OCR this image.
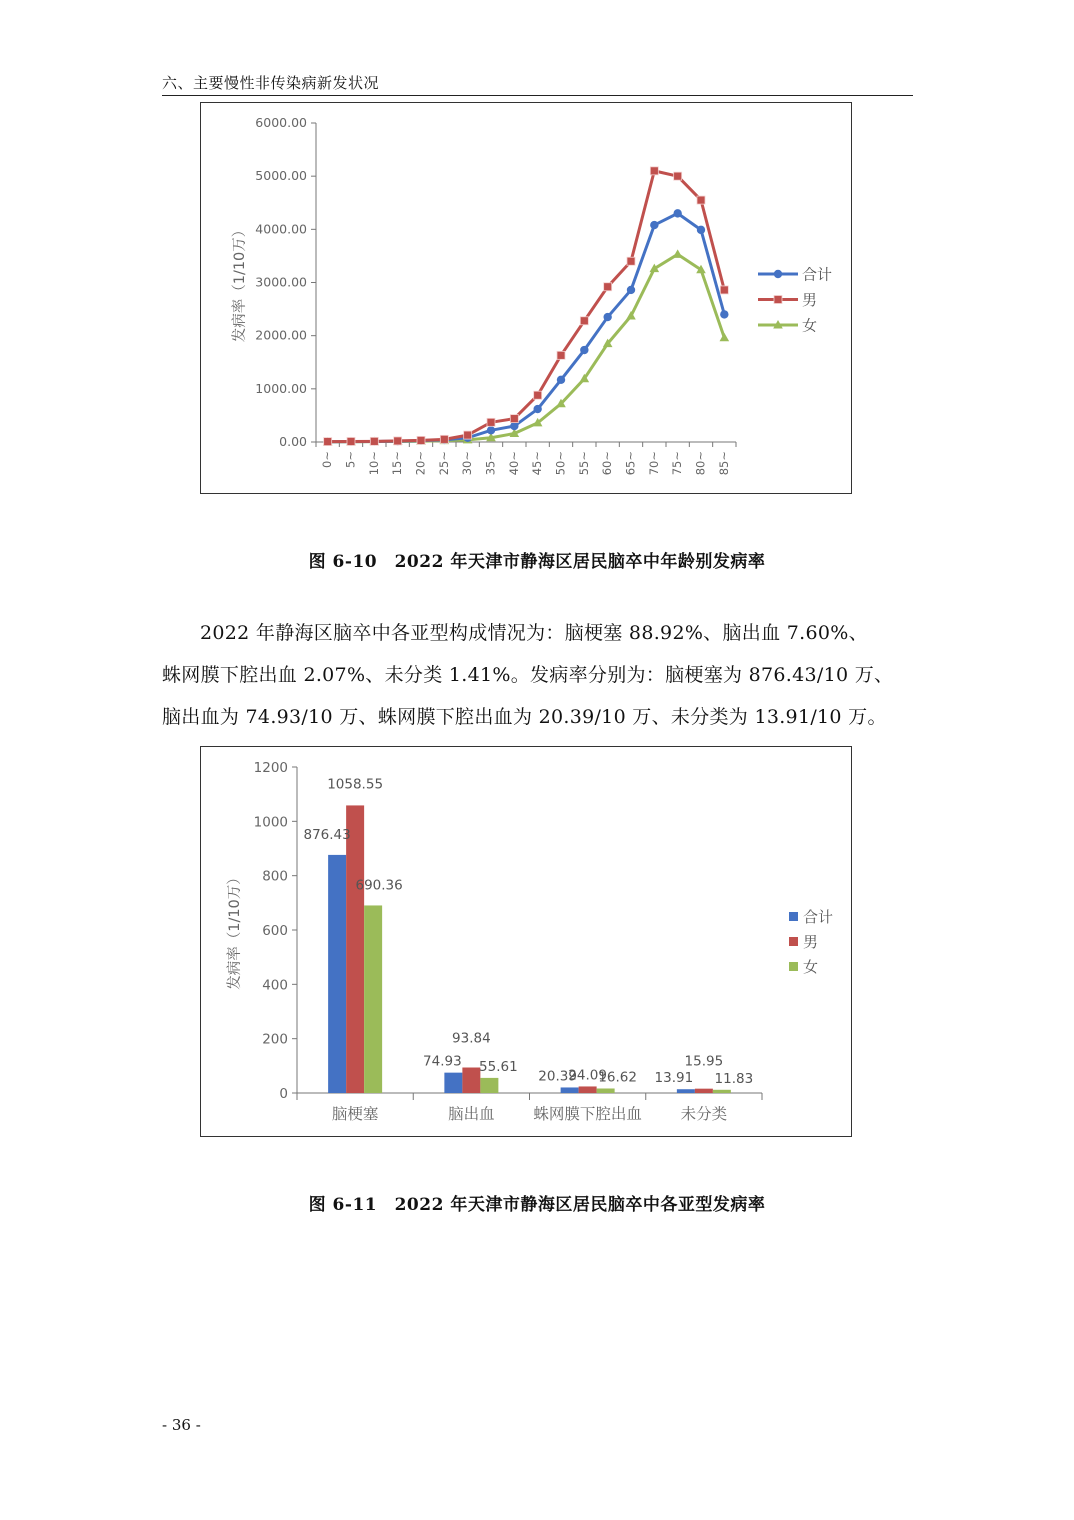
六、主要慢性非传染病新发状况
0.00
1000.00
2000.00
3000.00
4000.00
5000.00
6000.00
0~ 5~ 10~ 15~ 20~ 25~ 30~ 35~ 40~ 45~ 50~ 55~ 60~ 65~ 70~ 75~ 80~ 85~
发病率（1/10万）	合计
男
女
图 6-10　2022 年天津市静海区居民脑卒中年龄别发病率

2022 年静海区脑卒中各亚型构成情况为：脑梗塞 88.92%、脑出血 7.60%、

蛛网膜下腔出血 2.07%、未分类 1.41%。发病率分别为：脑梗塞为 876.43/10 万、

脑出血为 74.93/10 万、蛛网膜下腔出血为 20.39/10 万、未分类为 13.91/10 万。

0
200
400
600
800
1000
1200
脑梗塞	脑出血 蛛网膜下腔出血 未分类
发病率（1/10万）
876.43
1058.55
690.36
74.93
93.84
55.61
20.39
24.09
16.62 13.91
15.95
11.83
合计
男
女
图 6-11　2022 年天津市静海区居民脑卒中各亚型发病率
- 36 -
